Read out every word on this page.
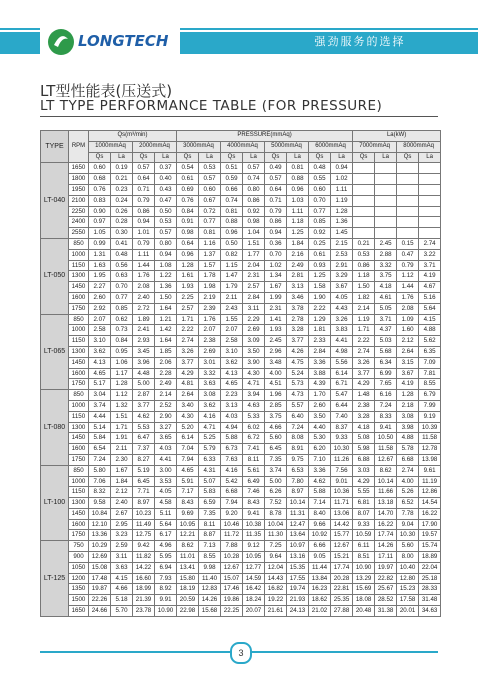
LONGTECH	强劲服务的选择
LT型性能表(压送式)
LT TYPE PERFORMANCE TABLE (FOR PRESSURE)
TYPE	RPM	Qs(m³/min)				PRESSURE(mmAq)								La(kW)			
		1000mmAq		2000mmAq		3000mmAq		4000mmAq		5000mmAq		6000mmAq		7000mmAq		8000mmAq	
		Qs	La	Qs	La	Qs	La	Qs	La	Qs	La	Qs	La	Qs	La	Qs	La
LT-040	1650	0.60	0.19	0.57	0.37	0.54	0.53	0.51	0.57	0.49	0.81	0.48	0.94				
	1800	0.68	0.21	0.64	0.40	0.61	0.57	0.59	0.74	0.57	0.88	0.55	1.02				
	1950	0.76	0.23	0.71	0.43	0.69	0.60	0.66	0.80	0.64	0.96	0.60	1.11				
	2100	0.83	0.24	0.79	0.47	0.76	0.67	0.74	0.86	0.71	1.03	0.70	1.19				
	2250	0.90	0.26	0.86	0.50	0.84	0.72	0.81	0.92	0.79	1.11	0.77	1.28				
	2400	0.97	0.28	0.94	0.53	0.91	0.77	0.88	0.98	0.86	1.18	0.85	1.36				
	2550	1.05	0.30	1.01	0.57	0.98	0.81	0.96	1.04	0.94	1.25	0.92	1.45				
LT-050	850	0.99	0.41	0.79	0.80	0.64	1.16	0.50	1.51	0.36	1.84	0.25	2.15	0.21	2.45	0.15	2.74
	1000	1.31	0.48	1.11	0.94	0.96	1.37	0.82	1.77	0.70	2.16	0.61	2.53	0.53	2.88	0.47	3.22
	1150	1.63	0.56	1.44	1.08	1.28	1.57	1.15	2.04	1.02	2.49	0.93	2.91	0.86	3.32	0.79	3.71
	1300	1.95	0.63	1.76	1.22	1.61	1.78	1.47	2.31	1.34	2.81	1.25	3.29	1.18	3.75	1.12	4.19
	1450	2.27	0.70	2.08	1.36	1.93	1.98	1.79	2.57	1.67	3.13	1.58	3.67	1.50	4.18	1.44	4.67
	1600	2.60	0.77	2.40	1.50	2.25	2.19	2.11	2.84	1.99	3.46	1.90	4.05	1.82	4.61	1.76	5.16
	1750	2.92	0.85	2.72	1.64	2.57	2.39	2.43	3.11	2.31	3.78	2.22	4.43	2.14	5.05	2.08	5.64
LT-065	850	2.07	0.62	1.89	1.21	1.71	1.76	1.55	2.29	1.41	2.78	1.29	3.26	1.19	3.71	1.09	4.15
	1000	2.58	0.73	2.41	1.42	2.22	2.07	2.07	2.69	1.93	3.28	1.81	3.83	1.71	4.37	1.60	4.88
	1150	3.10	0.84	2.93	1.64	2.74	2.38	2.58	3.09	2.45	3.77	2.33	4.41	2.22	5.03	2.12	5.62
	1300	3.62	0.95	3.45	1.85	3.26	2.69	3.10	3.50	2.96	4.26	2.84	4.98	2.74	5.68	2.64	6.35
	1450	4.13	1.06	3.96	2.06	3.77	3.01	3.62	3.90	3.48	4.75	3.36	5.56	3.26	6.34	3.15	7.09
	1600	4.65	1.17	4.48	2.28	4.29	3.32	4.13	4.30	4.00	5.24	3.88	6.14	3.77	6.99	3.67	7.81
	1750	5.17	1.28	5.00	2.49	4.81	3.63	4.65	4.71	4.51	5.73	4.39	6.71	4.29	7.65	4.19	8.55
LT-080	850	3.04	1.12	2.87	2.14	2.64	3.08	2.23	3.94	1.96	4.73	1.70	5.47	1.48	6.16	1.28	6.79
	1000	3.74	1.32	3.77	2.52	3.40	3.62	3.13	4.63	2.85	5.57	2.60	6.44	2.38	7.24	2.18	7.99
	1150	4.44	1.51	4.62	2.90	4.30	4.16	4.03	5.33	3.75	6.40	3.50	7.40	3.28	8.33	3.08	9.19
	1300	5.14	1.71	5.53	3.27	5.20	4.71	4.94	6.02	4.66	7.24	4.40	8.37	4.18	9.41	3.98	10.39
	1450	5.84	1.91	6.47	3.65	6.14	5.25	5.88	6.72	5.60	8.08	5.30	9.33	5.08	10.50	4.88	11.58
	1600	6.54	2.11	7.37	4.03	7.04	5.79	6.73	7.41	6.45	8.91	6.20	10.30	5.98	11.58	5.78	12.78
	1750	7.24	2.30	8.27	4.41	7.94	6.33	7.63	8.11	7.35	9.75	7.10	11.26	6.88	12.67	6.68	13.98
LT-100	850	5.80	1.67	5.19	3.00	4.65	4.31	4.16	5.61	3.74	6.53	3.36	7.56	3.03	8.62	2.74	9.61
	1000	7.06	1.84	6.45	3.53	5.91	5.07	5.42	6.49	5.00	7.80	4.62	9.01	4.29	10.14	4.00	11.19
	1150	8.32	2.12	7.71	4.05	7.17	5.83	6.68	7.46	6.26	8.97	5.88	10.36	5.55	11.66	5.26	12.86
	1300	9.58	2.40	8.97	4.58	8.43	6.59	7.94	8.43	7.52	10.14	7.14	11.71	6.81	13.18	6.52	14.54
	1450	10.84	2.67	10.23	5.11	9.69	7.35	9.20	9.41	8.78	11.31	8.40	13.06	8.07	14.70	7.78	16.22
	1600	12.10	2.95	11.49	5.64	10.95	8.11	10.46	10.38	10.04	12.47	9.66	14.42	9.33	16.22	9.04	17.90
	1750	13.36	3.23	12.75	6.17	12.21	8.87	11.72	11.35	11.30	13.64	10.92	15.77	10.59	17.74	10.30	19.57
LT-125	750	10.29	2.59	9.42	4.96	8.62	7.13	7.88	9.12	7.25	10.97	6.66	12.67	6.11	14.26	5.60	15.74
	900	12.69	3.11	11.82	5.95	11.01	8.55	10.28	10.95	9.64	13.16	9.05	15.21	8.51	17.11	8.00	18.89
	1050	15.08	3.63	14.22	6.94	13.41	9.98	12.67	12.77	12.04	15.35	11.44	17.74	10.90	19.97	10.40	22.04
	1200	17.48	4.15	16.60	7.93	15.80	11.40	15.07	14.59	14.43	17.55	13.84	20.28	13.29	22.82	12.80	25.18
	1350	19.87	4.66	18.99	8.92	18.19	12.83	17.46	16.42	16.82	19.74	16.23	22.81	15.69	25.67	15.23	28.33
	1500	22.26	5.18	21.39	9.91	20.59	14.26	19.86	18.24	19.22	21.93	18.62	25.35	18.08	28.52	17.58	31.48
	1650	24.66	5.70	23.78	10.90	22.98	15.68	22.25	20.07	21.61	24.13	21.02	27.88	20.48	31.38	20.01	34.63
3
